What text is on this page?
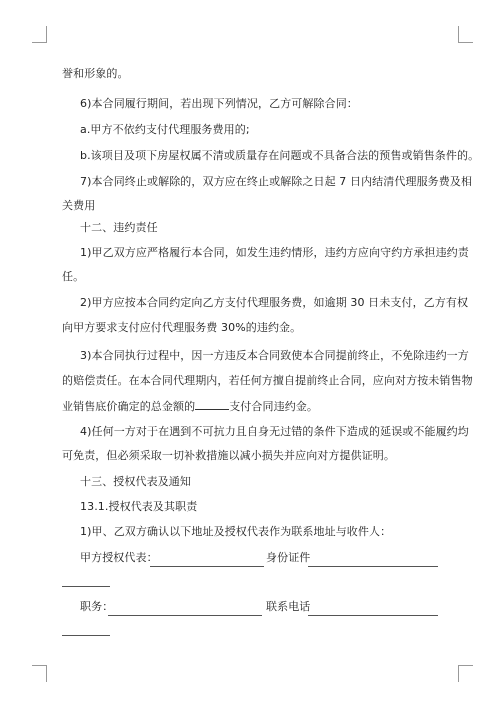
誉和形象的。
6)本合同履行期间，若出现下列情况，乙方可解除合同：
a.甲方不依约支付代理服务费用的;
b.该项目及项下房屋权属不清或质量存在问题或不具备合法的预售或销售条件的。
7)本合同终止或解除的，双方应在终止或解除之日起 7 日内结清代理服务费及相
关费用
十二、违约责任
1)甲乙双方应严格履行本合同，如发生违约情形，违约方应向守约方承担违约责
任。
2)甲方应按本合同约定向乙方支付代理服务费，如逾期 30 日未支付，乙方有权
向甲方要求支付应付代理服务费 30%的违约金。
3)本合同执行过程中，因一方违反本合同致使本合同提前终止，不免除违约一方
的赔偿责任。在本合同代理期内，若任何方擅自提前终止合同，应向对方按未销售物
业销售底价确定的总金额的	支付合同违约金。
4)任何一方对于在遇到不可抗力且自身无过错的条件下造成的延误或不能履约均
可免责，但必须采取一切补救措施以减小损失并应向对方提供证明。
十三、授权代表及通知
13.1.授权代表及其职责
1)甲、乙双方确认以下地址及授权代表作为联系地址与收件人：
甲方授权代表：	身份证件
职务：	联系电话
